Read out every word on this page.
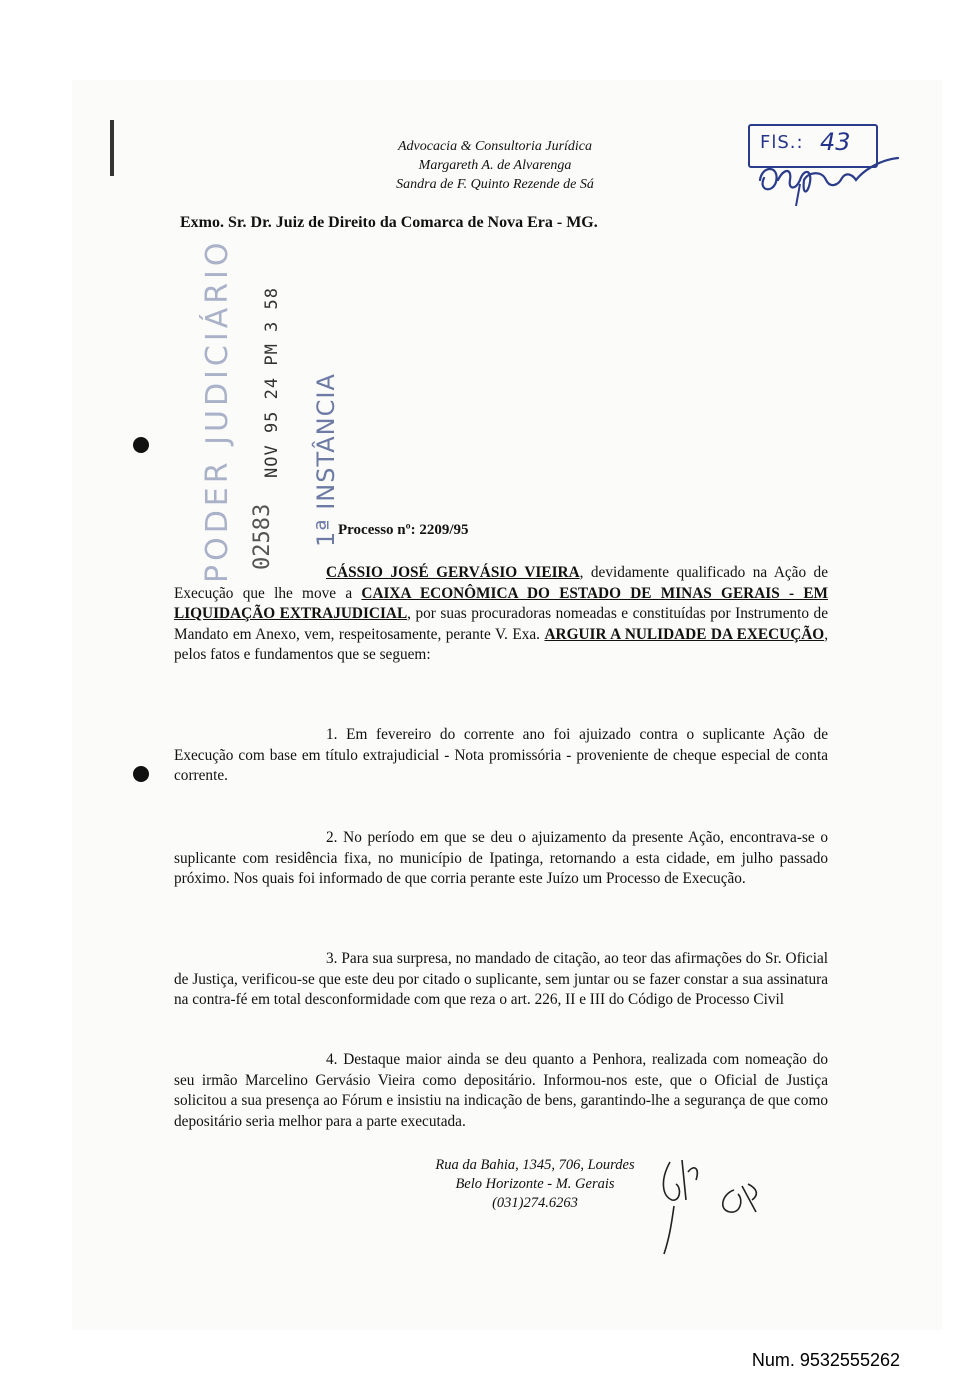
Advocacia & Consultoria Jurídica
Margareth A. de Alvarenga
Sandra de F. Quinto Rezende de Sá
FlS.: 43
Exmo. Sr. Dr. Juiz de Direito da Comarca de Nova Era - MG.
PODER JUDICIÁRIO NOV 95 24 PM 3 58
02583 1ª INSTÂNCIA
Processo nº: 2209/95
CÁSSIO JOSÉ GERVÁSIO VIEIRA, devidamente qualificado na Ação de Execução que lhe move a CAIXA ECONÔMICA DO ESTADO DE MINAS GERAIS - EM LIQUIDAÇÃO EXTRAJUDICIAL, por suas procuradoras nomeadas e constituídas por Instrumento de Mandato em Anexo, vem, respeitosamente, perante V. Exa. ARGUIR A NULIDADE DA EXECUÇÃO, pelos fatos e fundamentos que se seguem:
1. Em fevereiro do corrente ano foi ajuizado contra o suplicante Ação de Execução com base em título extrajudicial - Nota promissória - proveniente de cheque especial de conta corrente.
2. No período em que se deu o ajuizamento da presente Ação, encontrava-se o suplicante com residência fixa, no município de Ipatinga, retornando a esta cidade, em julho passado próximo. Nos quais foi informado de que corria perante este Juízo um Processo de Execução.
3. Para sua surpresa, no mandado de citação, ao teor das afirmações do Sr. Oficial de Justiça, verificou-se que este deu por citado o suplicante, sem juntar ou se fazer constar a sua assinatura na contra-fé em total desconformidade com que reza o art. 226, II e III do Código de Processo Civil
4. Destaque maior ainda se deu quanto a Penhora, realizada com nomeação do seu irmão Marcelino Gervásio Vieira como depositário. Informou-nos este, que o Oficial de Justiça solicitou a sua presença ao Fórum e insistiu na indicação de bens, garantindo-lhe a segurança de que como depositário seria melhor para a parte executada.
Rua da Bahia, 1345, 706, Lourdes
Belo Horizonte - M. Gerais
(031)274.6263
Num. 9532555262
